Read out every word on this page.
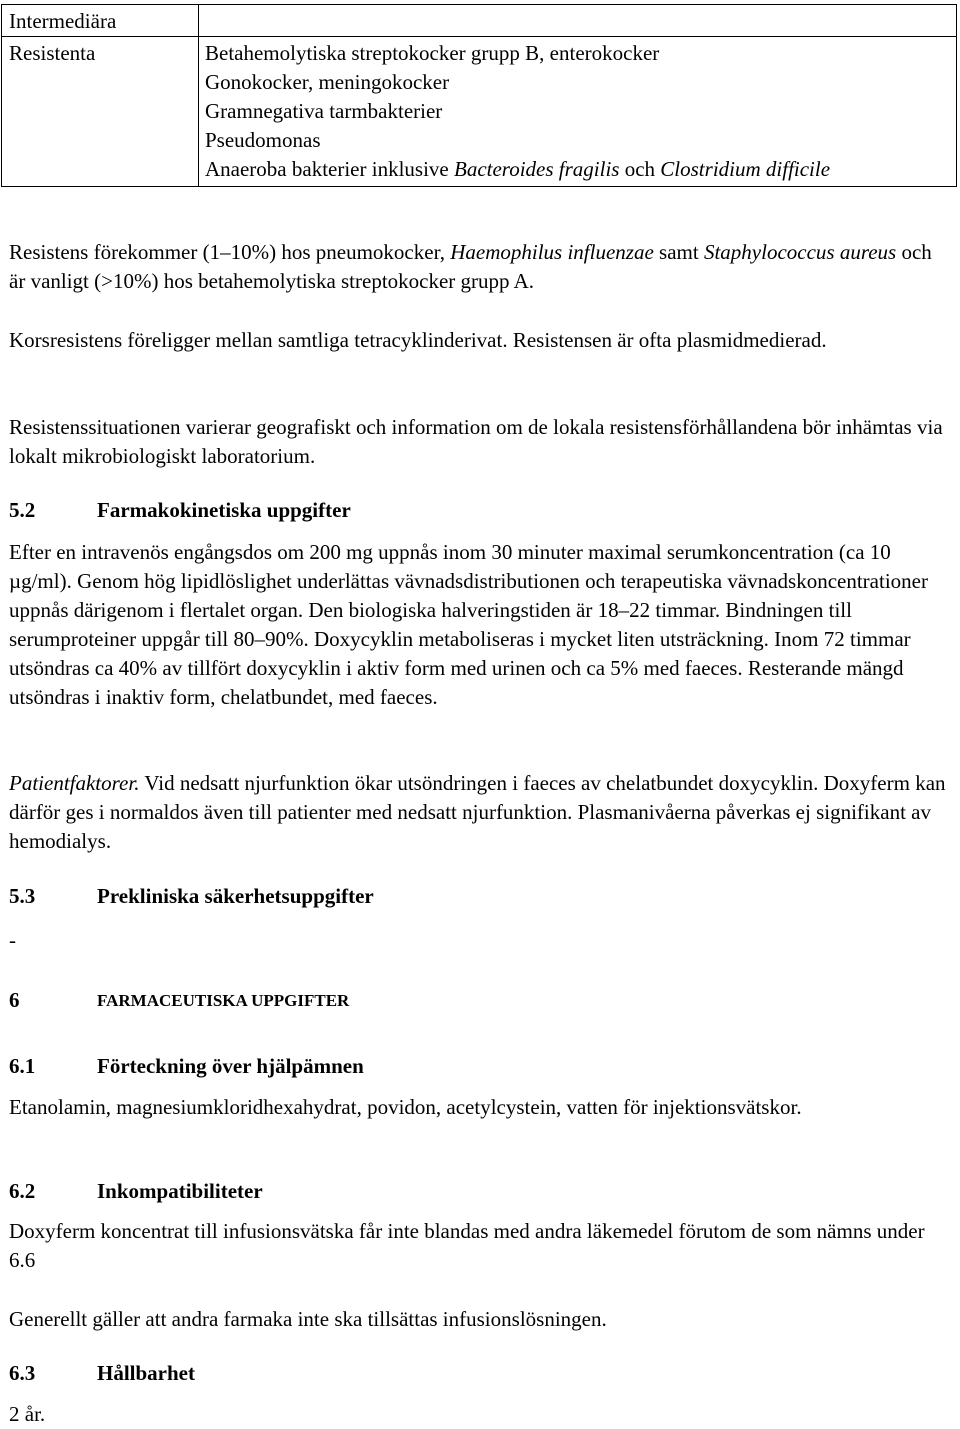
Intermediära	
Resistenta	Betahemolytiska streptokocker grupp B, enterokocker
Gonokocker, meningokocker
Gramnegativa tarmbakterier
Pseudomonas
Anaeroba bakterier inklusive Bacteroides fragilis och Clostridium difficile

Resistens förekommer (1–10%) hos pneumokocker, Haemophilus influenzae samt Staphylococcus aureus och är vanligt (>10%) hos betahemolytiska streptokocker grupp A.

Korsresistens föreligger mellan samtliga tetracyklinderivat. Resistensen är ofta plasmidmedierad.

Resistenssituationen varierar geografiskt och information om de lokala resistensförhållandena bör inhämtas via lokalt mikrobiologiskt laboratorium.

5.2	Farmakokinetiska uppgifter

Efter en intravenös engångsdos om 200 mg uppnås inom 30 minuter maximal serumkoncentration (ca 10 µg/ml). Genom hög lipidlöslighet underlättas vävnadsdistributionen och terapeutiska vävnadskoncentrationer uppnås därigenom i flertalet organ. Den biologiska halveringstiden är 18–22 timmar. Bindningen till serumproteiner uppgår till 80–90%. Doxycyklin metaboliseras i mycket liten utsträckning. Inom 72 timmar utsöndras ca 40% av tillfört doxycyklin i aktiv form med urinen och ca 5% med faeces. Resterande mängd utsöndras i inaktiv form, chelatbundet, med faeces.

Patientfaktorer. Vid nedsatt njurfunktion ökar utsöndringen i faeces av chelatbundet doxycyklin. Doxyferm kan därför ges i normaldos även till patienter med nedsatt njurfunktion. Plasmanivåerna påverkas ej signifikant av hemodialys.

5.3	Prekliniska säkerhetsuppgifter

-

6	FARMACEUTISKA UPPGIFTER
6.1	Förteckning över hjälpämnen

Etanolamin, magnesiumkloridhexahydrat, povidon, acetylcystein, vatten för injektionsvätskor.

6.2	Inkompatibiliteter

Doxyferm koncentrat till infusionsvätska får inte blandas med andra läkemedel förutom de som nämns under 6.6

Generellt gäller att andra farmaka inte ska tillsättas infusionslösningen.

6.3	Hållbarhet

2 år.
